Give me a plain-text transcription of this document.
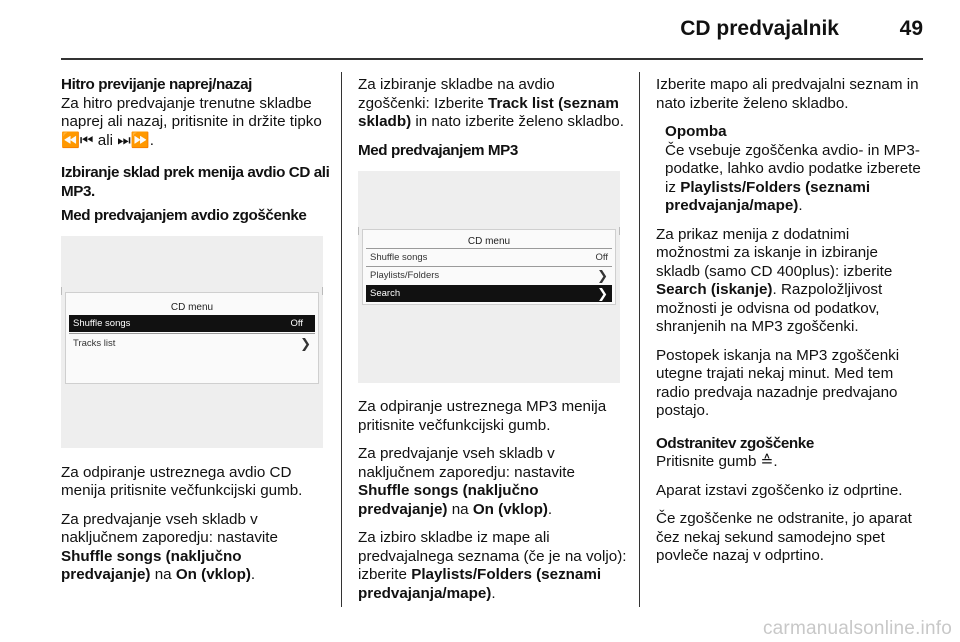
CD predvajalnik	49
Hitro previjanje naprej/nazaj

Za hitro predvajanje trenutne skladbe naprej ali nazaj, pritisnite in držite tipko ⏪⏮ ali ⏭⏩.

Izbiranje sklad prek menija avdio CD ali MP3.
Med predvajanjem avdio zgoščenke
CD menu
Shuffle songs	Off
Tracks list	❯

Za odpiranje ustreznega avdio CD menija pritisnite večfunkcijski gumb.

Za predvajanje vseh skladb v naključnem zaporedju: nastavite Shuffle songs (naključno predvajanje) na On (vklop).

Za izbiranje skladbe na avdio zgoščenki: Izberite Track list (seznam skladb) in nato izberite želeno skladbo.

Med predvajanjem MP3
CD menu
Shuffle songs	Off
Playlists/Folders	❯
Search	❯

Za odpiranje ustreznega MP3 menija pritisnite večfunkcijski gumb.

Za predvajanje vseh skladb v naključnem zaporedju: nastavite Shuffle songs (naključno predvajanje) na On (vklop).

Za izbiro skladbe iz mape ali predvajalnega seznama (če je na voljo): izberite Playlists/Folders (seznami predvajanja/mape).

Izberite mapo ali predvajalni seznam in nato izberite želeno skladbo.

Opomba

Če vsebuje zgoščenka avdio- in MP3-podatke, lahko avdio podatke izberete iz Playlists/Folders (seznami predvajanja/mape).

Za prikaz menija z dodatnimi možnostmi za iskanje in izbiranje skladb (samo CD 400plus): izberite Search (iskanje). Razpoložljivost možnosti je odvisna od podatkov, shranjenih na MP3 zgoščenki.

Postopek iskanja na MP3 zgoščenki utegne trajati nekaj minut. Med tem radio predvaja nazadnje predvajano postajo.

Odstranitev zgoščenke

Pritisnite gumb ≙.

Aparat izstavi zgoščenko iz odprtine.

Če zgoščenke ne odstranite, jo aparat čez nekaj sekund samodejno spet povleče nazaj v odprtino.

carmanualsonline.info
